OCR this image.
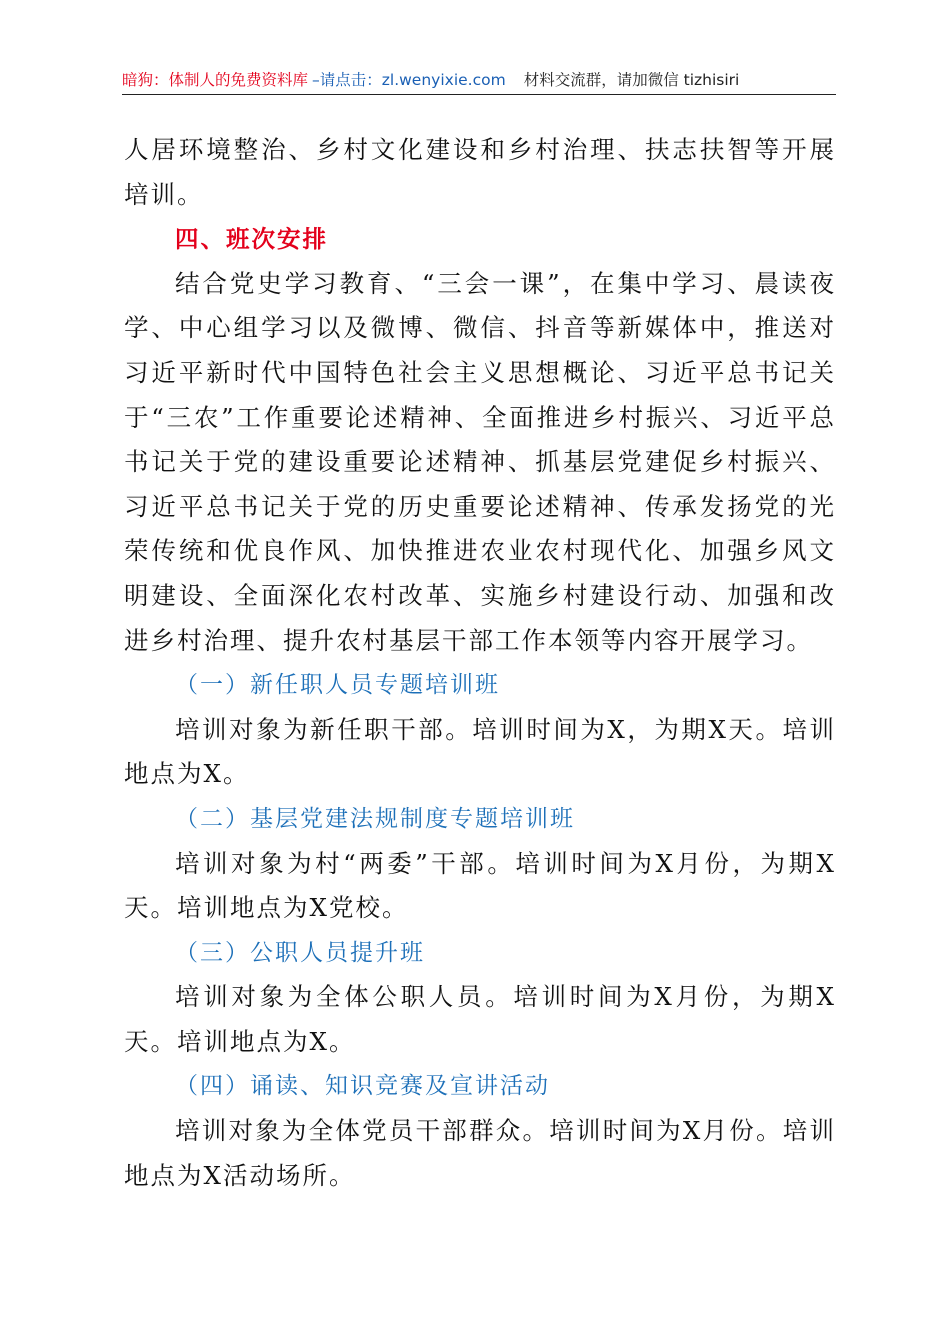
暗狗：体制人的免费资料库 –请点击：zl.wenyixie.com 材料交流群，请加微信 tizhisiri

人居环境整治、乡村文化建设和乡村治理、扶志扶智等开展培训。

四、班次安排

结合党史学习教育、“三会一课”，在集中学习、晨读夜学、中心组学习以及微博、微信、抖音等新媒体中，推送对习近平新时代中国特色社会主义思想概论、习近平总书记关于“三农”工作重要论述精神、全面推进乡村振兴、习近平总书记关于党的建设重要论述精神、抓基层党建促乡村振兴、习近平总书记关于党的历史重要论述精神、传承发扬党的光荣传统和优良作风、加快推进农业农村现代化、加强乡风文明建设、全面深化农村改革、实施乡村建设行动、加强和改进乡村治理、提升农村基层干部工作本领等内容开展学习。

（一）新任职人员专题培训班

培训对象为新任职干部。培训时间为X，为期X天。培训地点为X。

（二）基层党建法规制度专题培训班

培训对象为村“两委”干部。培训时间为X月份，为期X天。培训地点为X党校。

（三）公职人员提升班

培训对象为全体公职人员。培训时间为X月份，为期X天。培训地点为X。

（四）诵读、知识竞赛及宣讲活动

培训对象为全体党员干部群众。培训时间为X月份。培训地点为X活动场所。
